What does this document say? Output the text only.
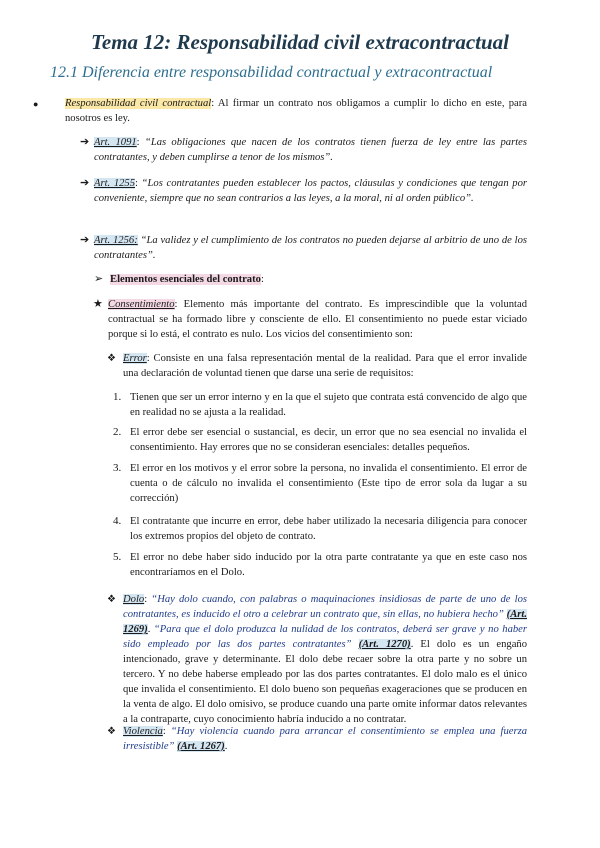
Tema 12: Responsabilidad civil extracontractual
12.1 Diferencia entre responsabilidad contractual y extracontractual
●	Responsabilidad civil contractual: Al firmar un contrato nos obligamos a cumplir lo dicho en este, para nosotros es ley.
➔ Art. 1091: “Las obligaciones que nacen de los contratos tienen fuerza de ley entre las partes contratantes, y deben cumplirse a tenor de los mismos”.
➔ Art. 1255: “Los contratantes pueden establecer los pactos, cláusulas y condiciones que tengan por conveniente, siempre que no sean contrarios a las leyes, a la moral, ni al orden público”.
➔ Art. 1256: “La validez y el cumplimiento de los contratos no pueden dejarse al arbitrio de uno de los contratantes”.
➢ Elementos esenciales del contrato:
★ Consentimiento: Elemento más importante del contrato. Es imprescindible que la voluntad contractual se ha formado libre y consciente de ello. El consentimiento no puede estar viciado porque si lo está, el contrato es nulo. Los vicios del consentimiento son:
❖ Error: Consiste en una falsa representación mental de la realidad. Para que el error invalide una declaración de voluntad tienen que darse una serie de requisitos:
1. Tienen que ser un error interno y en la que el sujeto que contrata está convencido de algo que en realidad no se ajusta a la realidad.
2. El error debe ser esencial o sustancial, es decir, un error que no sea esencial no invalida el consentimiento. Hay errores que no se consideran esenciales: detalles pequeños.
3. El error en los motivos y el error sobre la persona, no invalida el consentimiento. El error de cuenta o de cálculo no invalida el consentimiento (Este tipo de error sola da lugar a su corrección)
4. El contratante que incurre en error, debe haber utilizado la necesaria diligencia para conocer los extremos propios del objeto de contrato.
5. El error no debe haber sido inducido por la otra parte contratante ya que en este caso nos encontraríamos en el Dolo.
❖ Dolo: “Hay dolo cuando, con palabras o maquinaciones insidiosas de parte de uno de los contratantes, es inducido el otro a celebrar un contrato que, sin ellas, no hubiera hecho” (Art. 1269). “Para que el dolo produzca la nulidad de los contratos, deberá ser grave y no haber sido empleado por las dos partes contratantes” (Art. 1270). El dolo es un engaño intencionado, grave y determinante. El dolo debe recaer sobre la otra parte y no sobre un tercero. Y no debe haberse empleado por las dos partes contratantes. El dolo malo es el único que invalida el consentimiento. El dolo bueno son pequeñas exageraciones que se producen en la venta de algo. El dolo omisivo, se produce cuando una parte omite informar datos relevantes a la contraparte, cuyo conocimiento habría inducido a no contratar.
❖ Violencia: “Hay violencia cuando para arrancar el consentimiento se emplea una fuerza irresistible” (Art. 1267).
